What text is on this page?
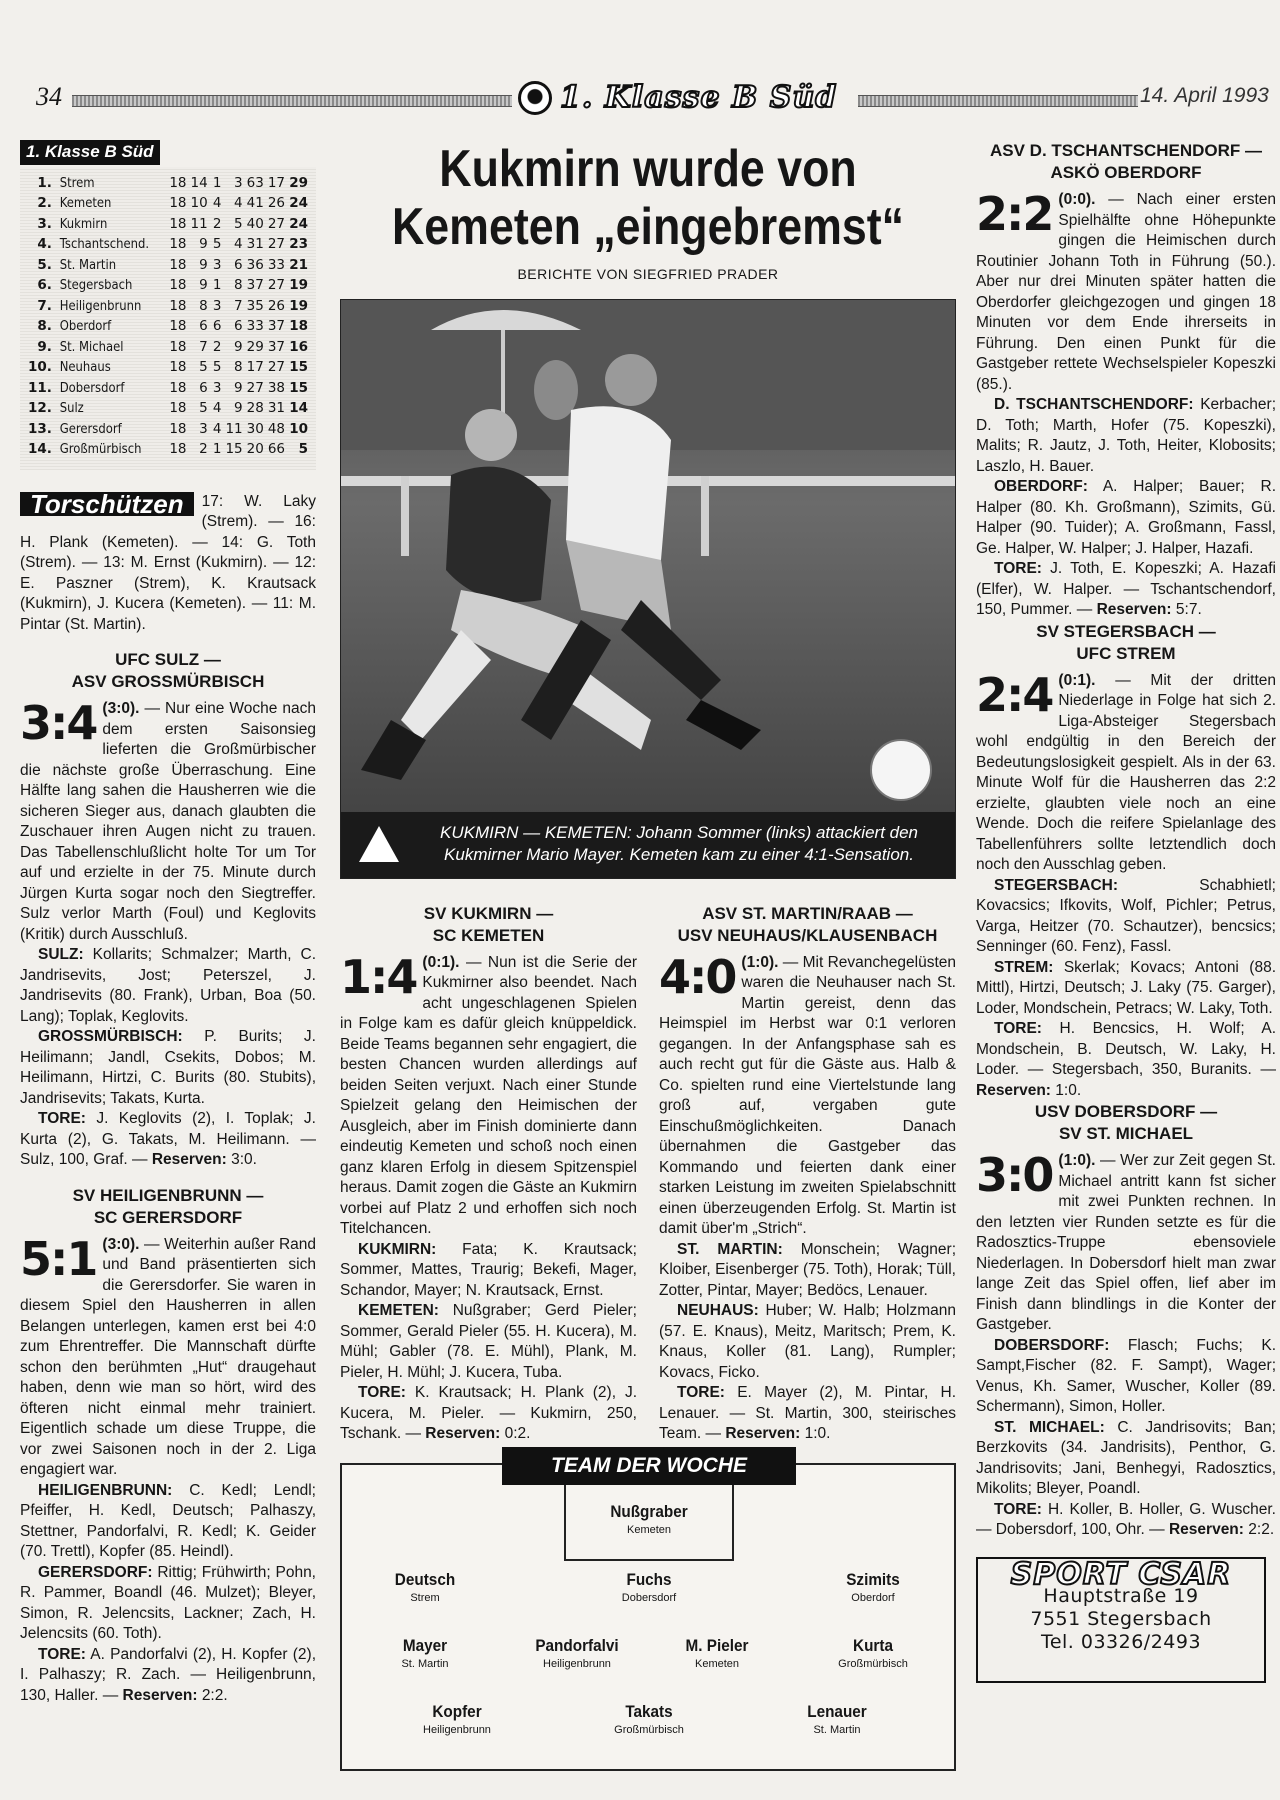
34	1. Klasse B Süd	14. April 1993
1. Klasse B Süd
1.	Strem	18	14	1	3	63	17	29
2.	Kemeten	18	10	4	4	41	26	24
3.	Kukmirn	18	11	2	5	40	27	24
4.	Tschantschend.	18	9	5	4	31	27	23
5.	St. Martin	18	9	3	6	36	33	21
6.	Stegersbach	18	9	1	8	37	27	19
7.	Heiligenbrunn	18	8	3	7	35	26	19
8.	Oberdorf	18	6	6	6	33	37	18
9.	St. Michael	18	7	2	9	29	37	16
10.	Neuhaus	18	5	5	8	17	27	15
11.	Dobersdorf	18	6	3	9	27	38	15
12.	Sulz	18	5	4	9	28	31	14
13.	Gerersdorf	18	3	4	11	30	48	10
14.	Großmürbisch	18	2	1	15	20	66	5
Torschützen	17: W. Laky (Strem). — 16: H. Plank (Kemeten). — 14: G. Toth (Strem). — 13: M. Ernst (Kukmirn). — 12: E. Paszner (Strem), K. Krautsack (Kukmirn), J. Kucera (Kemeten). — 11: M. Pintar (St. Martin).

UFC SULZ —
ASV GROSSMÜRBISCH

3:4 (3:0). — Nur eine Woche nach dem ersten Saisonsieg lieferten die Großmürbischer die nächste große Überraschung. Eine Hälfte lang sahen die Hausherren wie die sicheren Sieger aus, danach glaubten die Zuschauer ihren Augen nicht zu trauen. Das Tabellenschlußlicht holte Tor um Tor auf und erzielte in der 75. Minute durch Jürgen Kurta sogar noch den Siegtreffer. Sulz verlor Marth (Foul) und Keglovits (Kritik) durch Ausschluß.

SULZ: Kollarits; Schmalzer; Marth, C. Jandrisevits, Jost; Peterszel, J. Jandrisevits (80. Frank), Urban, Boa (50. Lang); Toplak, Keglovits.

GROSSMÜRBISCH: P. Burits; J. Heilimann; Jandl, Csekits, Dobos; M. Heilimann, Hirtzi, C. Burits (80. Stubits), Jandrisevits; Takats, Kurta.

TORE: J. Keglovits (2), I. Toplak; J. Kurta (2), G. Takats, M. Heilimann. — Sulz, 100, Graf. — Reserven: 3:0.

SV HEILIGENBRUNN —
SC GERERSDORF

5:1 (3:0). — Weiterhin außer Rand und Band präsentierten sich die Gerersdorfer. Sie waren in diesem Spiel den Hausherren in allen Belangen unterlegen, kamen erst bei 4:0 zum Ehrentreffer. Die Mannschaft dürfte schon den berühmten „Hut“ draugehaut haben, denn wie man so hört, wird des öfteren nicht einmal mehr trainiert. Eigentlich schade um diese Truppe, die vor zwei Saisonen noch in der 2. Liga engagiert war.

HEILIGENBRUNN: C. Kedl; Lendl; Pfeiffer, H. Kedl, Deutsch; Palhaszy, Stettner, Pandorfalvi, R. Kedl; K. Geider (70. Trettl), Kopfer (85. Heindl).

GERERSDORF: Rittig; Frühwirth; Pohn, R. Pammer, Boandl (46. Mulzet); Bleyer, Simon, R. Jelencsits, Lackner; Zach, H. Jelencsits (60. Toth).

TORE: A. Pandorfalvi (2), H. Kopfer (2), I. Palhaszy; R. Zach. — Heiligenbrunn, 130, Haller. — Reserven: 2:2.

Kukmirn wurde von
Kemeten „eingebremst“
BERICHTE VON SIEGFRIED PRADER
KUKMIRN — KEMETEN: Johann Sommer (links) attackiert den Kukmirner Mario Mayer. Kemeten kam zu einer 4:1-Sensation.
SV KUKMIRN —
SC KEMETEN

1:4 (0:1). — Nun ist die Serie der Kukmirner also beendet. Nach acht ungeschlagenen Spielen in Folge kam es dafür gleich knüppeldick. Beide Teams begannen sehr engagiert, die besten Chancen wurden allerdings auf beiden Seiten verjuxt. Nach einer Stunde Spielzeit gelang den Heimischen der Ausgleich, aber im Finish dominierte dann eindeutig Kemeten und schoß noch einen ganz klaren Erfolg in diesem Spitzenspiel heraus. Damit zogen die Gäste an Kukmirn vorbei auf Platz 2 und erhoffen sich noch Titelchancen.

KUKMIRN: Fata; K. Krautsack; Sommer, Mattes, Traurig; Bekefi, Mager, Schandor, Mayer; N. Krautsack, Ernst.

KEMETEN: Nußgraber; Gerd Pieler; Sommer, Gerald Pieler (55. H. Kucera), M. Mühl; Gabler (78. E. Mühl), Plank, M. Pieler, H. Mühl; J. Kucera, Tuba.

TORE: K. Krautsack; H. Plank (2), J. Kucera, M. Pieler. — Kukmirn, 250, Tschank. — Reserven: 0:2.

ASV ST. MARTIN/RAAB —
USV NEUHAUS/KLAUSENBACH

4:0 (1:0). — Mit Revanchegelüsten waren die Neuhauser nach St. Martin gereist, denn das Heimspiel im Herbst war 0:1 verloren gegangen. In der Anfangsphase sah es auch recht gut für die Gäste aus. Halb & Co. spielten rund eine Viertelstunde lang groß auf, vergaben gute Einschußmöglichkeiten. Danach übernahmen die Gastgeber das Kommando und feierten dank einer starken Leistung im zweiten Spielabschnitt einen überzeugenden Erfolg. St. Martin ist damit über'm „Strich“.

ST. MARTIN: Monschein; Wagner; Kloiber, Eisenberger (75. Toth), Horak; Tüll, Zotter, Pintar, Mayer; Bedöcs, Lenauer.

NEUHAUS: Huber; W. Halb; Holzmann (57. E. Knaus), Meitz, Maritsch; Prem, K. Knaus, Koller (81. Lang), Rumpler; Kovacs, Ficko.

TORE: E. Mayer (2), M. Pintar, H. Lenauer. — St. Martin, 300, steirisches Team. — Reserven: 1:0.

TEAM DER WOCHE
Nußgraber
Kemeten
Deutsch
Strem
Fuchs
Dobersdorf
Szimits
Oberdorf
Mayer
St. Martin
Pandorfalvi
Heiligenbrunn
M. Pieler
Kemeten
Kurta
Großmürbisch
Kopfer
Heiligenbrunn
Takats
Großmürbisch
Lenauer
St. Martin
ASV D. TSCHANTSCHENDORF —
ASKÖ OBERDORF

2:2 (0:0). — Nach einer ersten Spielhälfte ohne Höhepunkte gingen die Heimischen durch Routinier Johann Toth in Führung (50.). Aber nur drei Minuten später hatten die Oberdorfer gleichgezogen und gingen 18 Minuten vor dem Ende ihrerseits in Führung. Den einen Punkt für die Gastgeber rettete Wechselspieler Kopeszki (85.).

D. TSCHANTSCHENDORF: Kerbacher; D. Toth; Marth, Hofer (75. Kopeszki), Malits; R. Jautz, J. Toth, Heiter, Klobosits; Laszlo, H. Bauer.

OBERDORF: A. Halper; Bauer; R. Halper (80. Kh. Großmann), Szimits, Gü. Halper (90. Tuider); A. Großmann, Fassl, Ge. Halper, W. Halper; J. Halper, Hazafi.

TORE: J. Toth, E. Kopeszki; A. Hazafi (Elfer), W. Halper. — Tschantschendorf, 150, Pummer. — Reserven: 5:7.

SV STEGERSBACH —
UFC STREM

2:4 (0:1). — Mit der dritten Niederlage in Folge hat sich 2. Liga-Absteiger Stegersbach wohl endgültig in den Bereich der Bedeutungslosigkeit gespielt. Als in der 63. Minute Wolf für die Hausherren das 2:2 erzielte, glaubten viele noch an eine Wende. Doch die reifere Spielanlage des Tabellenführers sollte letztendlich doch noch den Ausschlag geben.

STEGERSBACH:	Schabhietl; Kovacsics; Ifkovits, Wolf, Pichler; Petrus, Varga, Heitzer (70. Schautzer), bencsics; Senninger (60. Fenz), Fassl.

STREM: Skerlak; Kovacs; Antoni (88. Mittl), Hirtzi, Deutsch; J. Laky (75. Garger), Loder, Mondschein, Petracs; W. Laky, Toth.

TORE: H. Bencsics, H. Wolf; A. Mondschein, B. Deutsch, W. Laky, H. Loder. — Stegersbach, 350, Buranits. — Reserven: 1:0.

USV DOBERSDORF —
SV ST. MICHAEL

3:0 (1:0). — Wer zur Zeit gegen St. Michael antritt kann fst sicher mit zwei Punkten rechnen. In den letzten vier Runden setzte es für die Radosztics-Truppe ebensoviele Niederlagen. In Dobersdorf hielt man zwar lange Zeit das Spiel offen, lief aber im Finish dann blindlings in die Konter der Gastgeber.

DOBERSDORF: Flasch; Fuchs; K. Sampt,Fischer (82. F. Sampt), Wager; Venus, Kh. Samer, Wuscher, Koller (89. Schermann), Simon, Holler.

ST. MICHAEL: C. Jandrisovits; Ban; Berzkovits (34. Jandrisits), Penthor, G. Jandrisovits; Jani, Benhegyi, Radosztics, Mikolits; Bleyer, Poandl.

TORE: H. Koller, B. Holler, G. Wuscher. — Dobersdorf, 100, Ohr. — Reserven: 2:2.

SPORT CSAR
Hauptstraße 19
7551 Stegersbach
Tel. 03326/2493
